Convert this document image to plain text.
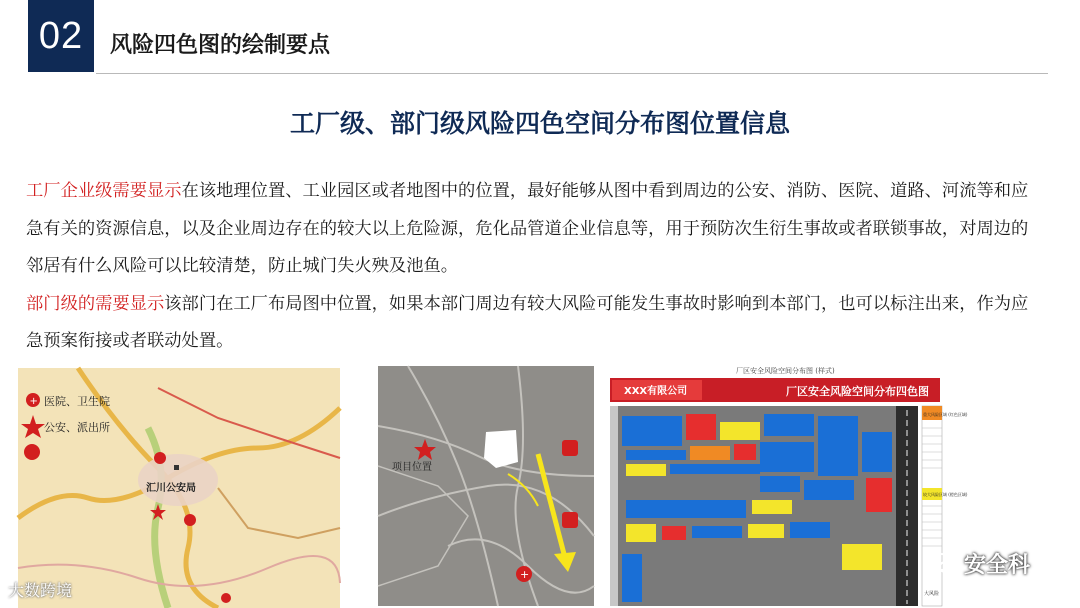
02 风险四色图的绘制要点
工厂级、部门级风险四色空间分布图位置信息

工厂企业级需要显示在该地理位置、工业园区或者地图中的位置，最好能够从图中看到周边的公安、消防、医院、道路、河流等和应急有关的资源信息，以及企业周边存在的较大以上危险源，危化品管道企业信息等，用于预防次生衍生事故或者联锁事故，对周边的邻居有什么风险可以比较清楚，防止城门失火殃及池鱼。

部门级的需要显示该部门在工厂布局图中位置，如果本部门周边有较大风险可能发生事故时影响到本部门，也可以标注出来，作为应急预案衔接或者联动处置。

+ 医院、卫生院
公安、派出所
汇川公安局
项目位置
+
厂区安全风险空间分布图 (样式)
XXX有限公司	厂区安全风险空间分布四色图
重大风险区域 (红色区域)
较大风险区域 (橙色区域)
大风险
大数跨境
安全科
